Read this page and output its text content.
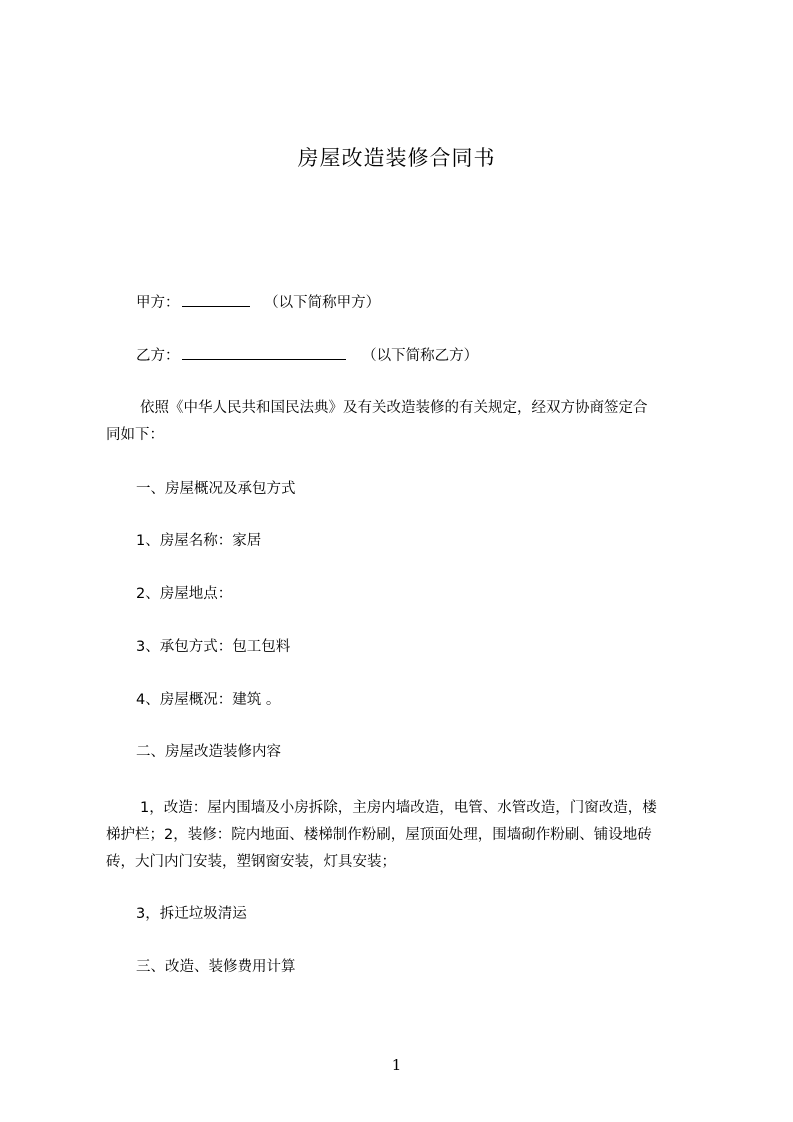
房屋改造装修合同书
甲方：	（以下简称甲方）
乙方：	（以下简称乙方）
依照《中华人民共和国民法典》及有关改造装修的有关规定，经双方协商签定合
同如下：
一、房屋概况及承包方式
1、房屋名称：家居
2、房屋地点：
3、承包方式：包工包料
4、房屋概况：建筑 。
二、房屋改造装修内容
1，改造：屋内围墙及小房拆除，主房内墙改造，电管、水管改造，门窗改造，楼
梯护栏；2，装修：院内地面、楼梯制作粉刷，屋顶面处理，围墙砌作粉刷、铺设地砖
砖，大门内门安装，塑钢窗安装，灯具安装；
3，拆迁垃圾清运
三、改造、装修费用计算
1
